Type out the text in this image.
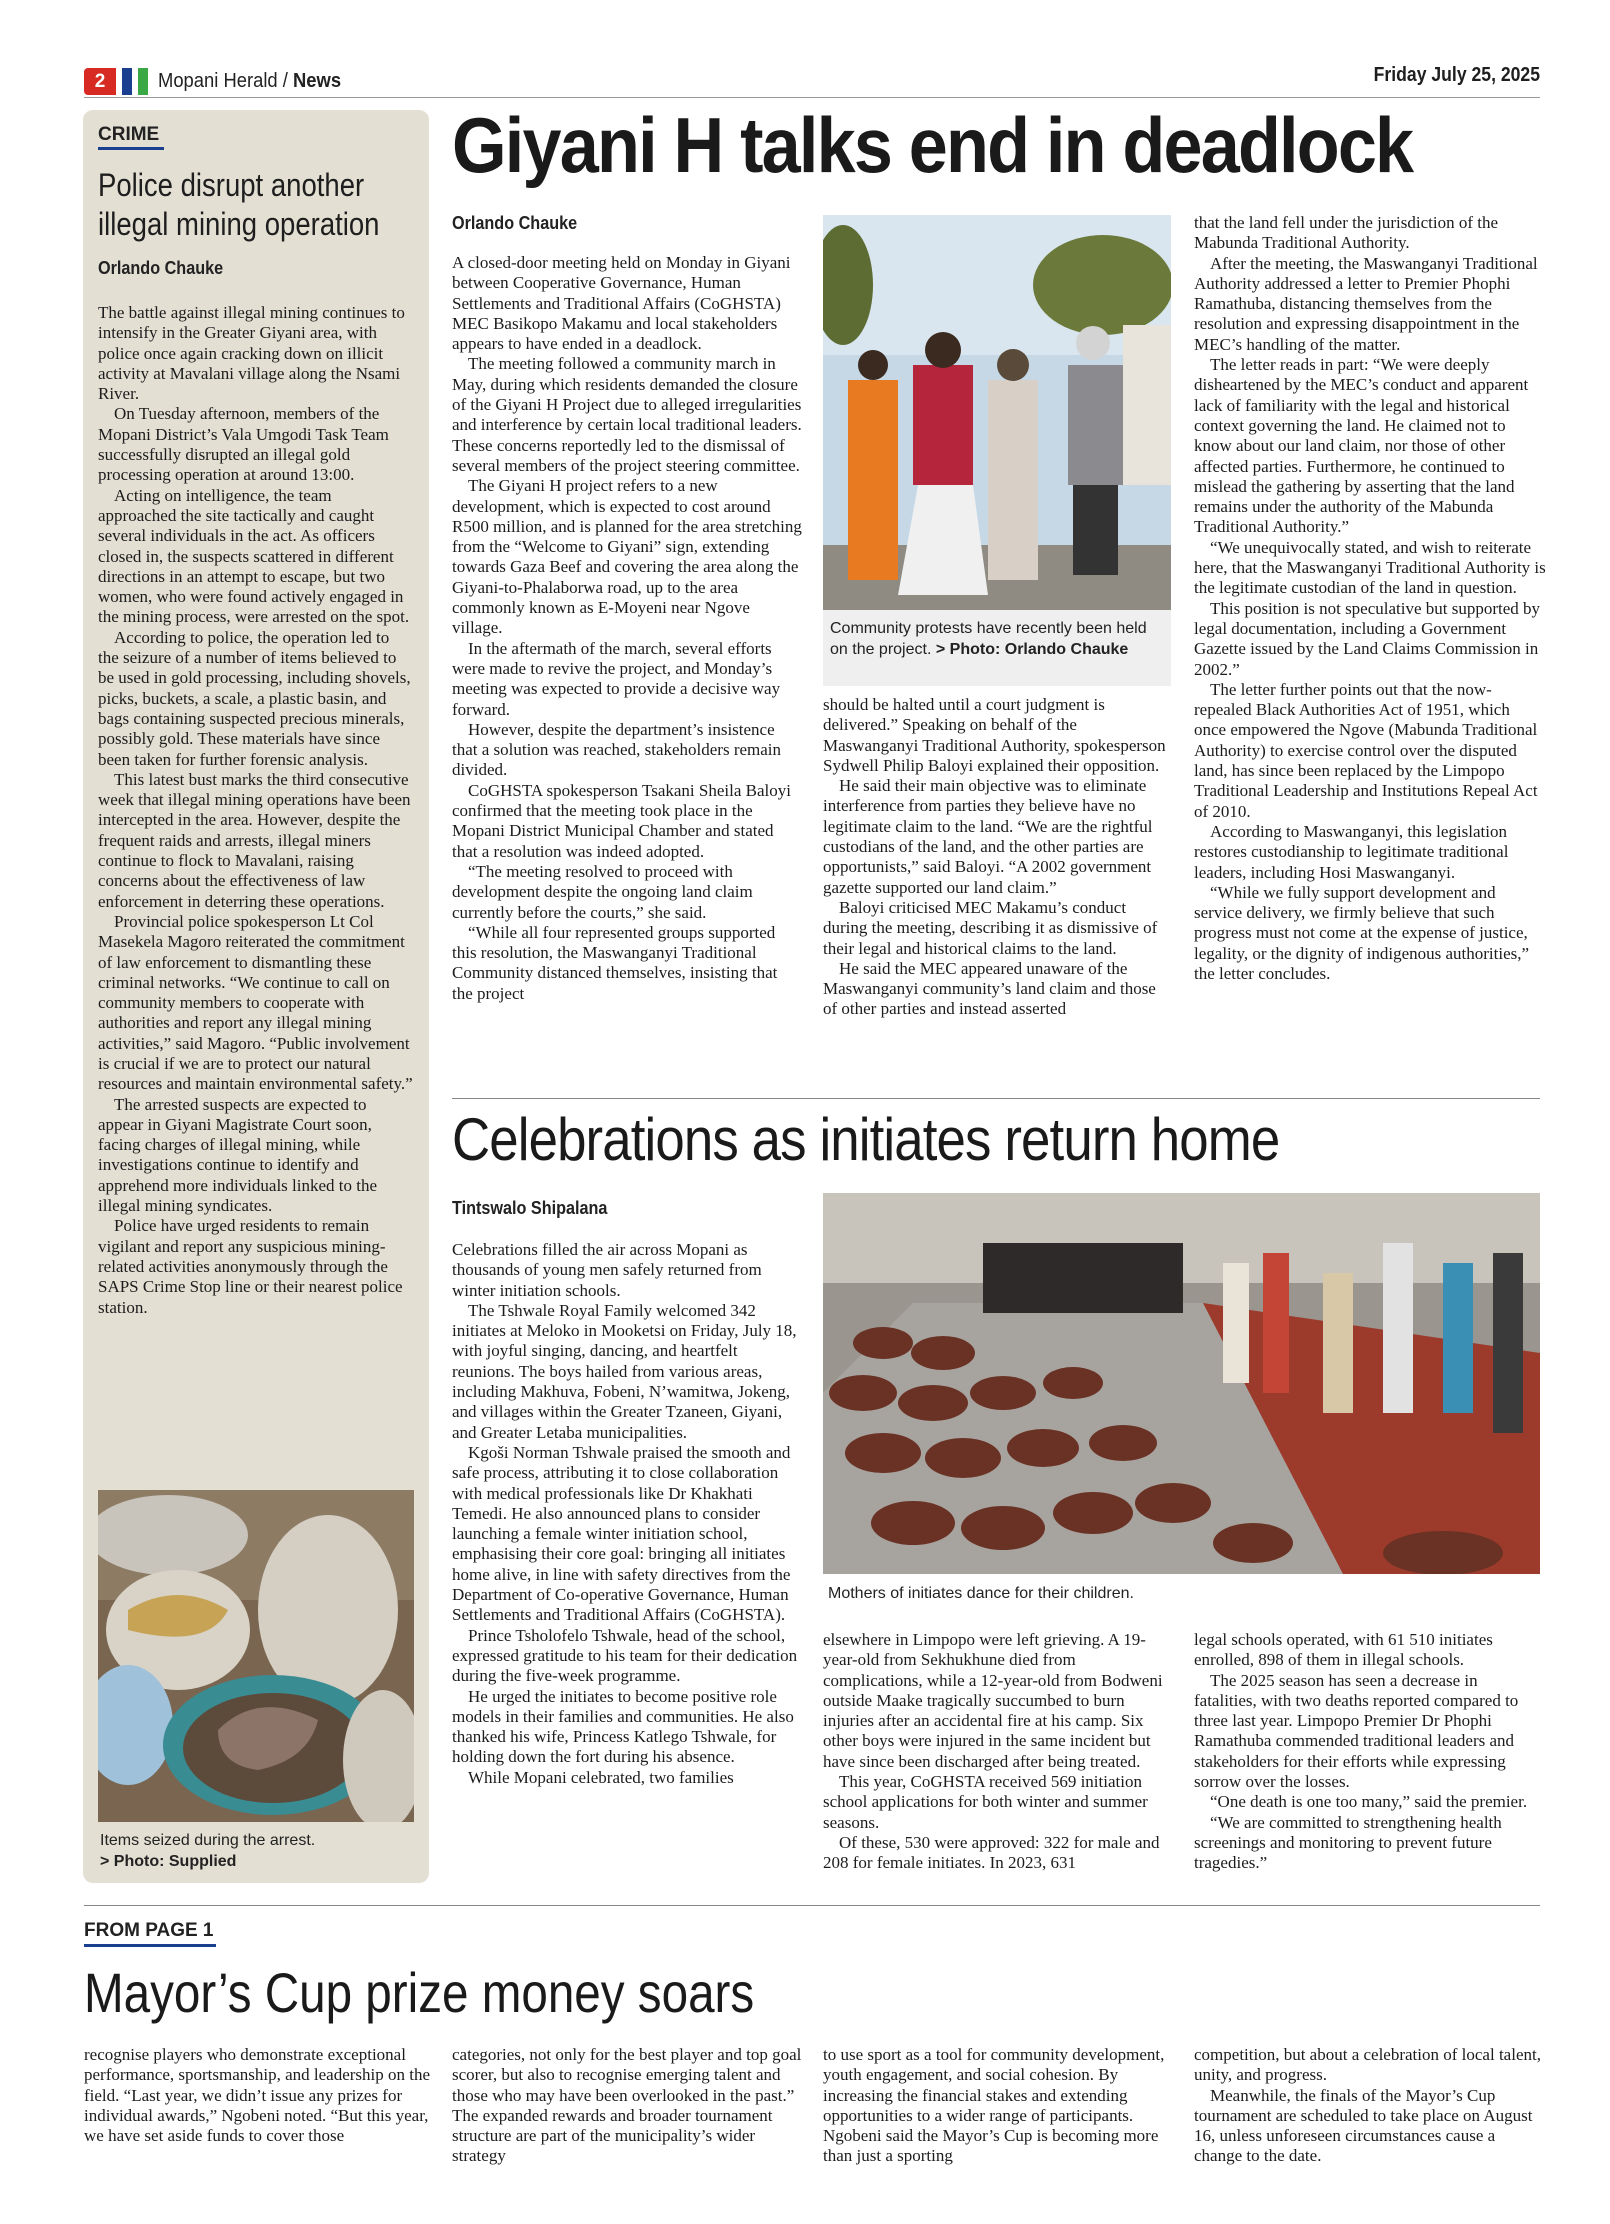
2	Mopani Herald / News	Friday July 25, 2025
CRIME
Police disrupt another illegal mining operation
Orlando Chauke

The battle against illegal mining continues to intensify in the Greater Giyani area, with police once again cracking down on illicit activity at Mavalani village along the Nsami River.

On Tuesday afternoon, members of the Mopani District’s Vala Umgodi Task Team successfully disrupted an illegal gold processing operation at around 13:00.

Acting on intelligence, the team approached the site tactically and caught several individuals in the act. As officers closed in, the suspects scattered in different directions in an attempt to escape, but two women, who were found actively engaged in the mining process, were arrested on the spot.

According to police, the operation led to the seizure of a number of items believed to be used in gold processing, including shovels, picks, buckets, a scale, a plastic basin, and bags containing suspected precious minerals, possibly gold. These materials have since been taken for further forensic analysis.

This latest bust marks the third consecutive week that illegal mining operations have been intercepted in the area. However, despite the frequent raids and arrests, illegal miners continue to flock to Mavalani, raising concerns about the effectiveness of law enforcement in deterring these operations.

Provincial police spokesperson Lt Col Masekela Magoro reiterated the commitment of law enforcement to dismantling these criminal networks. “We continue to call on community members to cooperate with authorities and report any illegal mining activities,” said Magoro. “Public involvement is crucial if we are to protect our natural resources and maintain environmental safety.”

The arrested suspects are expected to appear in Giyani Magistrate Court soon, facing charges of illegal mining, while investigations continue to identify and apprehend more individuals linked to the illegal mining syndicates.

Police have urged residents to remain vigilant and report any suspicious mining-related activities anonymously through the SAPS Crime Stop line or their nearest police station.

Items seized during the arrest.
> Photo: Supplied
Giyani H talks end in deadlock
Orlando Chauke

A closed-door meeting held on Monday in Giyani between Cooperative Governance, Human Settlements and Traditional Affairs (CoGHSTA) MEC Basikopo Makamu and local stakeholders appears to have ended in a deadlock.

The meeting followed a community march in May, during which residents demanded the closure of the Giyani H Project due to alleged irregularities and interference by certain local traditional leaders. These concerns reportedly led to the dismissal of several members of the project steering committee.

The Giyani H project refers to a new development, which is expected to cost around R500 million, and is planned for the area stretching from the “Welcome to Giyani” sign, extending towards Gaza Beef and covering the area along the Giyani-to-Phalaborwa road, up to the area commonly known as E-Moyeni near Ngove village.

In the aftermath of the march, several efforts were made to revive the project, and Monday’s meeting was expected to provide a decisive way forward.

However, despite the department’s insistence that a solution was reached, stakeholders remain divided.

CoGHSTA spokesperson Tsakani Sheila Baloyi confirmed that the meeting took place in the Mopani District Municipal Chamber and stated that a resolution was indeed adopted.

“The meeting resolved to proceed with development despite the ongoing land claim currently before the courts,” she said.

“While all four represented groups supported this resolution, the Maswanganyi Traditional Community distanced themselves, insisting that the project

Community protests have recently been held on the project. > Photo: Orlando Chauke

should be halted until a court judgment is delivered.” Speaking on behalf of the Maswanganyi Traditional Authority, spokesperson Sydwell Philip Baloyi explained their opposition.

He said their main objective was to eliminate interference from parties they believe have no legitimate claim to the land. “We are the rightful custodians of the land, and the other parties are opportunists,” said Baloyi. “A 2002 government gazette supported our land claim.”

Baloyi criticised MEC Makamu’s conduct during the meeting, describing it as dismissive of their legal and historical claims to the land.

He said the MEC appeared unaware of the Maswanganyi community’s land claim and those of other parties and instead asserted

that the land fell under the jurisdiction of the Mabunda Traditional Authority.

After the meeting, the Maswanganyi Traditional Authority addressed a letter to Premier Phophi Ramathuba, distancing themselves from the resolution and expressing disappointment in the MEC’s handling of the matter.

The letter reads in part: “We were deeply disheartened by the MEC’s conduct and apparent lack of familiarity with the legal and historical context governing the land. He claimed not to know about our land claim, nor those of other affected parties. Furthermore, he continued to mislead the gathering by asserting that the land remains under the authority of the Mabunda Traditional Authority.”

“We unequivocally stated, and wish to reiterate here, that the Maswanganyi Traditional Authority is the legitimate custodian of the land in question.

This position is not speculative but supported by legal documentation, including a Government Gazette issued by the Land Claims Commission in 2002.”

The letter further points out that the now-repealed Black Authorities Act of 1951, which once empowered the Ngove (Mabunda Traditional Authority) to exercise control over the disputed land, has since been replaced by the Limpopo Traditional Leadership and Institutions Repeal Act of 2010.

According to Maswanganyi, this legislation restores custodianship to legitimate traditional leaders, including Hosi Maswanganyi.

“While we fully support development and service delivery, we firmly believe that such progress must not come at the expense of justice, legality, or the dignity of indigenous authorities,” the letter concludes.

Celebrations as initiates return home
Tintswalo Shipalana

Celebrations filled the air across Mopani as thousands of young men safely returned from winter initiation schools.

The Tshwale Royal Family welcomed 342 initiates at Meloko in Mooketsi on Friday, July 18, with joyful singing, dancing, and heartfelt reunions. The boys hailed from various areas, including Makhuva, Fobeni, N’wamitwa, Jokeng, and villages within the Greater Tzaneen, Giyani, and Greater Letaba municipalities.

Kgoši Norman Tshwale praised the smooth and safe process, attributing it to close collaboration with medical professionals like Dr Khakhati Temedi. He also announced plans to consider launching a female winter initiation school, emphasising their core goal: bringing all initiates home alive, in line with safety directives from the Department of Co-operative Governance, Human Settlements and Traditional Affairs (CoGHSTA).

Prince Tsholofelo Tshwale, head of the school, expressed gratitude to his team for their dedication during the five-week programme.

He urged the initiates to become positive role models in their families and communities. He also thanked his wife, Princess Katlego Tshwale, for holding down the fort during his absence.

While Mopani celebrated, two families

Mothers of initiates dance for their children.

elsewhere in Limpopo were left grieving. A 19-year-old from Sekhukhune died from complications, while a 12-year-old from Bodweni outside Maake tragically succumbed to burn injuries after an accidental fire at his camp. Six other boys were injured in the same incident but have since been discharged after being treated.

This year, CoGHSTA received 569 initiation school applications for both winter and summer seasons.

Of these, 530 were approved: 322 for male and 208 for female initiates. In 2023, 631

legal schools operated, with 61 510 initiates enrolled, 898 of them in illegal schools.

The 2025 season has seen a decrease in fatalities, with two deaths reported compared to three last year. Limpopo Premier Dr Phophi Ramathuba commended traditional leaders and stakeholders for their efforts while expressing sorrow over the losses.

“One death is one too many,” said the premier.

“We are committed to strengthening health screenings and monitoring to prevent future tragedies.”

FROM PAGE 1
Mayor’s Cup prize money soars

recognise players who demonstrate exceptional performance, sportsmanship, and leadership on the field. “Last year, we didn’t issue any prizes for individual awards,” Ngobeni noted. “But this year, we have set aside funds to cover those

categories, not only for the best player and top goal scorer, but also to recognise emerging talent and those who may have been overlooked in the past.” The expanded rewards and broader tournament structure are part of the municipality’s wider strategy

to use sport as a tool for community development, youth engagement, and social cohesion. By increasing the financial stakes and extending opportunities to a wider range of participants. Ngobeni said the Mayor’s Cup is becoming more than just a sporting

competition, but about a celebration of local talent, unity, and progress.

Meanwhile, the finals of the Mayor’s Cup tournament are scheduled to take place on August 16, unless unforeseen circumstances cause a change to the date.
